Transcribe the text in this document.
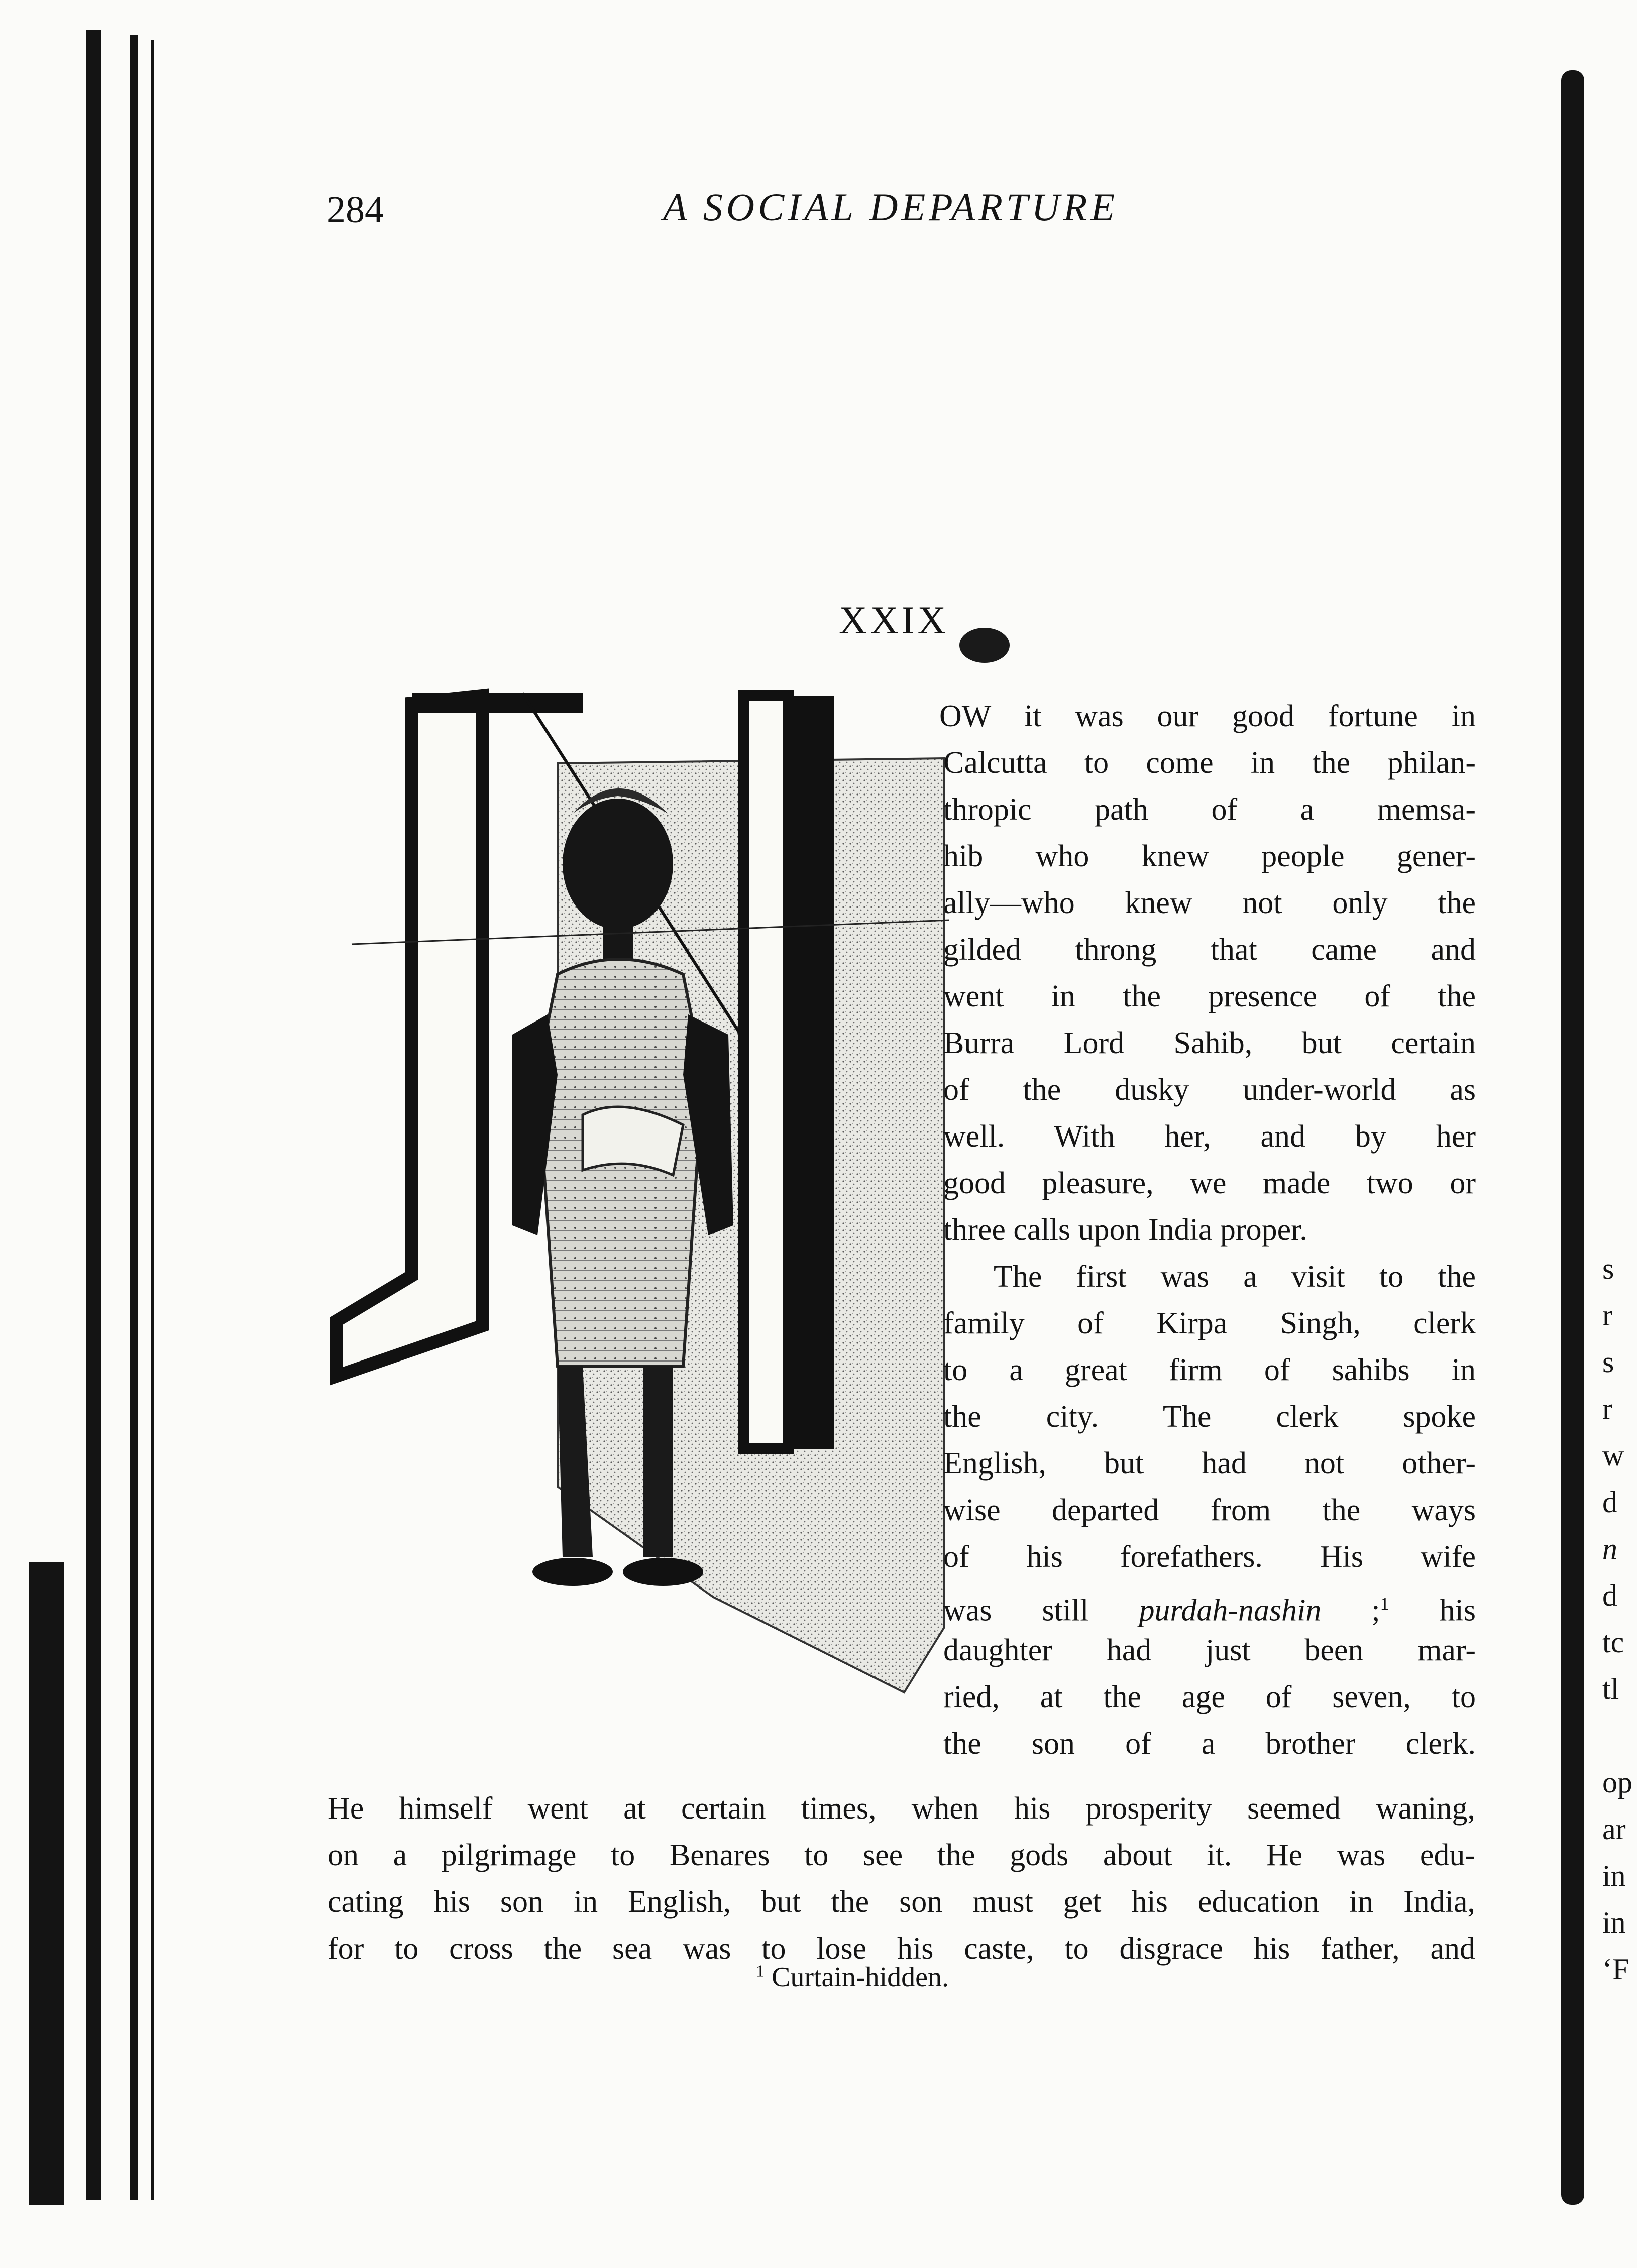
284	A SOCIAL DEPARTURE
XXIX
OW it was our good fortune in
Calcutta to come in the philan-
thropic path of a memsa-
hib who knew people gener-
ally—who knew not only the
gilded throng that came and
went in the presence of the
Burra Lord Sahib, but certain
of the dusky under-world as
well. With her, and by her
good pleasure, we made two or
three calls upon India proper.
The first was a visit to the
family of Kirpa Singh, clerk
to a great firm of sahibs in
the city. The clerk spoke
English, but had not other-
wise departed from the ways
of his forefathers. His wife
was still purdah-nashin ;$^1$ his
daughter had just been mar-
ried, at the age of seven, to
the son of a brother clerk.
He himself went at certain times, when his prosperity seemed waning,
on a pilgrimage to Benares to see the gods about it. He was edu-
cating his son in English, but the son must get his education in India,
for to cross the sea was to lose his caste, to disgrace his father, and
$^1$ Curtain-hidden.
s
r
s
r
w
d
n
d
tc
tl
op
ar
in
in
‘F
